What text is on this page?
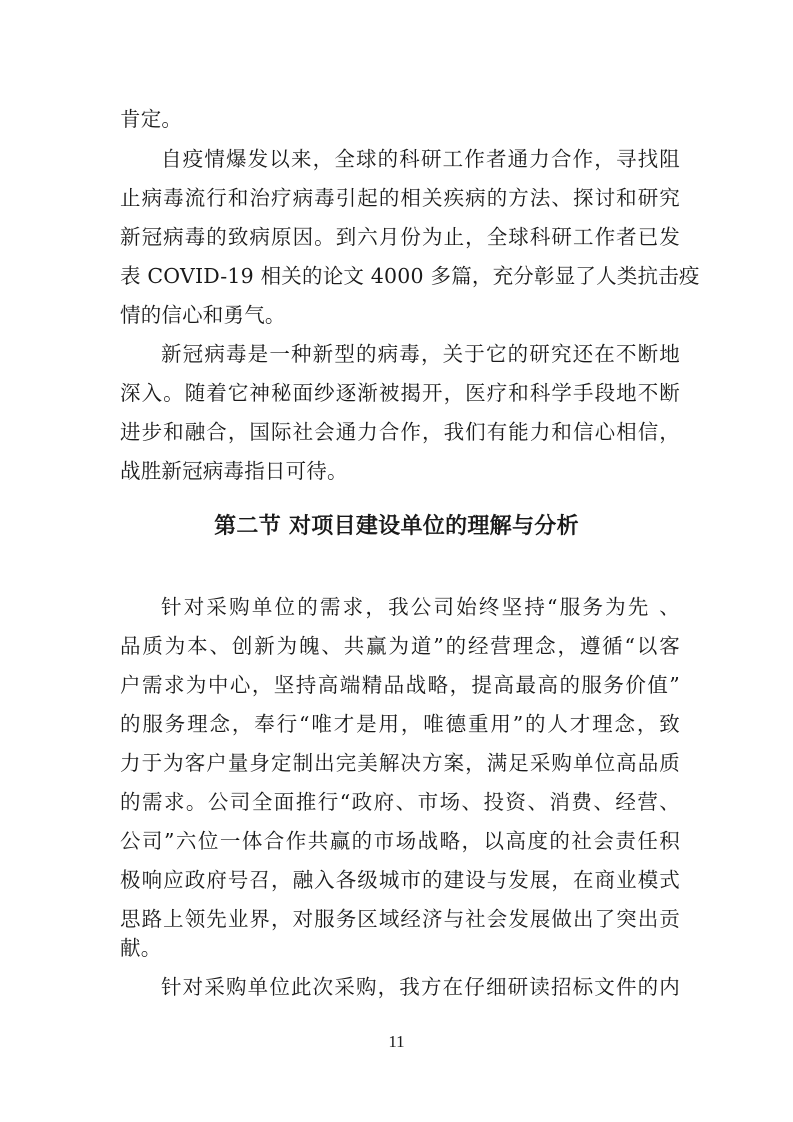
肯定。
自疫情爆发以来，全球的科研工作者通力合作，寻找阻
止病毒流行和治疗病毒引起的相关疾病的方法、探讨和研究
新冠病毒的致病原因。到六月份为止，全球科研工作者已发
表 COVID-19 相关的论文 4000 多篇，充分彰显了人类抗击疫
情的信心和勇气。
新冠病毒是一种新型的病毒，关于它的研究还在不断地
深入。随着它神秘面纱逐渐被揭开，医疗和科学手段地不断
进步和融合，国际社会通力合作，我们有能力和信心相信，
战胜新冠病毒指日可待。
第二节 对项目建设单位的理解与分析
针对采购单位的需求，我公司始终坚持“服务为先 、
品质为本、创新为魄、共赢为道”的经营理念，遵循“以客
户需求为中心，坚持高端精品战略，提高最高的服务价值”
的服务理念，奉行“唯才是用，唯德重用”的人才理念，致
力于为客户量身定制出完美解决方案，满足采购单位高品质
的需求。公司全面推行“政府、市场、投资、消费、经营、
公司”六位一体合作共赢的市场战略，以高度的社会责任积
极响应政府号召，融入各级城市的建设与发展，在商业模式
思路上领先业界，对服务区域经济与社会发展做出了突出贡
献。
针对采购单位此次采购，我方在仔细研读招标文件的内
11
